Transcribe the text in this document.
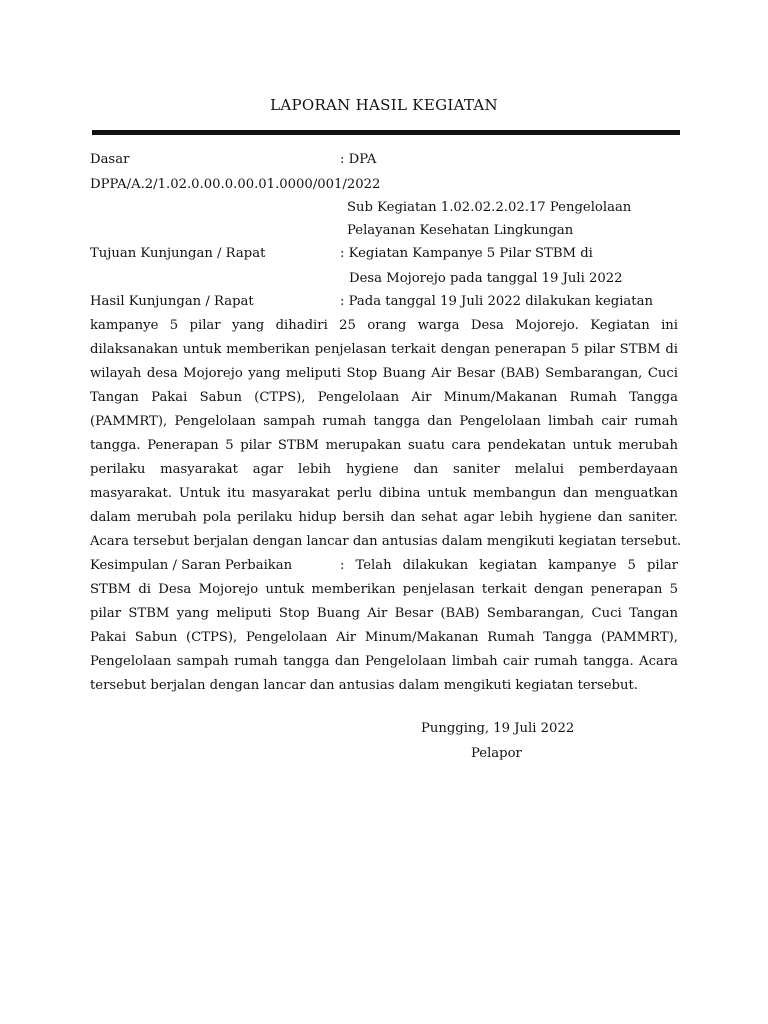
LAPORAN HASIL KEGIATAN
Dasar	: DPA
DPPA/A.2/1.02.0.00.0.00.01.0000/001/2022
Sub Kegiatan 1.02.02.2.02.17 Pengelolaan
Pelayanan Kesehatan Lingkungan
Tujuan Kunjungan / Rapat	: Kegiatan Kampanye 5 Pilar STBM di
Desa Mojorejo pada tanggal 19 Juli 2022
Hasil Kunjungan / Rapat	: Pada tanggal 19 Juli 2022 dilakukan kegiatan
kampanye 5 pilar yang dihadiri 25 orang warga Desa Mojorejo. Kegiatan ini
dilaksanakan untuk memberikan penjelasan terkait dengan penerapan 5 pilar STBM di
wilayah desa Mojorejo yang meliputi Stop Buang Air Besar (BAB) Sembarangan, Cuci
Tangan Pakai Sabun (CTPS), Pengelolaan Air Minum/Makanan Rumah Tangga
(PAMMRT), Pengelolaan sampah rumah tangga dan Pengelolaan limbah cair rumah
tangga. Penerapan 5 pilar STBM merupakan suatu cara pendekatan untuk merubah
perilaku masyarakat agar lebih hygiene dan saniter melalui pemberdayaan
masyarakat. Untuk itu masyarakat perlu dibina untuk membangun dan menguatkan
dalam merubah pola perilaku hidup bersih dan sehat agar lebih hygiene dan saniter.
Acara tersebut berjalan dengan lancar dan antusias dalam mengikuti kegiatan tersebut.
Kesimpulan / Saran Perbaikan	: Telah dilakukan kegiatan kampanye 5 pilar
STBM di Desa Mojorejo untuk memberikan penjelasan terkait dengan penerapan 5
pilar STBM yang meliputi Stop Buang Air Besar (BAB) Sembarangan, Cuci Tangan
Pakai Sabun (CTPS), Pengelolaan Air Minum/Makanan Rumah Tangga (PAMMRT),
Pengelolaan sampah rumah tangga dan Pengelolaan limbah cair rumah tangga. Acara
tersebut berjalan dengan lancar dan antusias dalam mengikuti kegiatan tersebut.
Pungging, 19 Juli 2022
Pelapor
